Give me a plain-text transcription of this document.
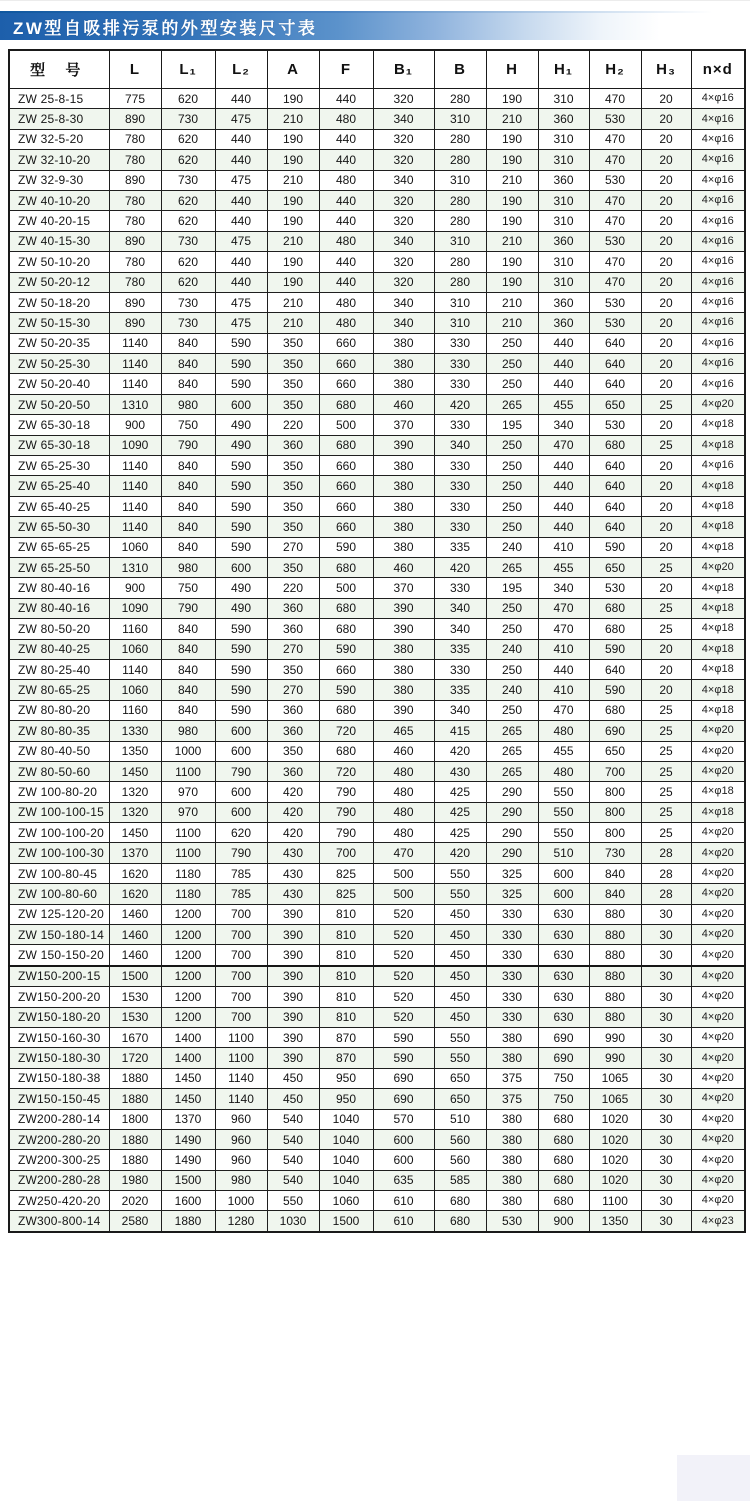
ZW型自吸排污泵的外型安装尺寸表
型 号	L	L₁	L₂	A	F	B₁	B	H	H₁	H₂	H₃	n×d
ZW 25-8-15	775	620	440	190	440	320	280	190	310	470	20	4×φ16
ZW 25-8-30	890	730	475	210	480	340	310	210	360	530	20	4×φ16
ZW 32-5-20	780	620	440	190	440	320	280	190	310	470	20	4×φ16
ZW 32-10-20	780	620	440	190	440	320	280	190	310	470	20	4×φ16
ZW 32-9-30	890	730	475	210	480	340	310	210	360	530	20	4×φ16
ZW 40-10-20	780	620	440	190	440	320	280	190	310	470	20	4×φ16
ZW 40-20-15	780	620	440	190	440	320	280	190	310	470	20	4×φ16
ZW 40-15-30	890	730	475	210	480	340	310	210	360	530	20	4×φ16
ZW 50-10-20	780	620	440	190	440	320	280	190	310	470	20	4×φ16
ZW 50-20-12	780	620	440	190	440	320	280	190	310	470	20	4×φ16
ZW 50-18-20	890	730	475	210	480	340	310	210	360	530	20	4×φ16
ZW 50-15-30	890	730	475	210	480	340	310	210	360	530	20	4×φ16
ZW 50-20-35	1140	840	590	350	660	380	330	250	440	640	20	4×φ16
ZW 50-25-30	1140	840	590	350	660	380	330	250	440	640	20	4×φ16
ZW 50-20-40	1140	840	590	350	660	380	330	250	440	640	20	4×φ16
ZW 50-20-50	1310	980	600	350	680	460	420	265	455	650	25	4×φ20
ZW 65-30-18	900	750	490	220	500	370	330	195	340	530	20	4×φ18
ZW 65-30-18	1090	790	490	360	680	390	340	250	470	680	25	4×φ18
ZW 65-25-30	1140	840	590	350	660	380	330	250	440	640	20	4×φ16
ZW 65-25-40	1140	840	590	350	660	380	330	250	440	640	20	4×φ18
ZW 65-40-25	1140	840	590	350	660	380	330	250	440	640	20	4×φ18
ZW 65-50-30	1140	840	590	350	660	380	330	250	440	640	20	4×φ18
ZW 65-65-25	1060	840	590	270	590	380	335	240	410	590	20	4×φ18
ZW 65-25-50	1310	980	600	350	680	460	420	265	455	650	25	4×φ20
ZW 80-40-16	900	750	490	220	500	370	330	195	340	530	20	4×φ18
ZW 80-40-16	1090	790	490	360	680	390	340	250	470	680	25	4×φ18
ZW 80-50-20	1160	840	590	360	680	390	340	250	470	680	25	4×φ18
ZW 80-40-25	1060	840	590	270	590	380	335	240	410	590	20	4×φ18
ZW 80-25-40	1140	840	590	350	660	380	330	250	440	640	20	4×φ18
ZW 80-65-25	1060	840	590	270	590	380	335	240	410	590	20	4×φ18
ZW 80-80-20	1160	840	590	360	680	390	340	250	470	680	25	4×φ18
ZW 80-80-35	1330	980	600	360	720	465	415	265	480	690	25	4×φ20
ZW 80-40-50	1350	1000	600	350	680	460	420	265	455	650	25	4×φ20
ZW 80-50-60	1450	1100	790	360	720	480	430	265	480	700	25	4×φ20
ZW 100-80-20	1320	970	600	420	790	480	425	290	550	800	25	4×φ18
ZW 100-100-15	1320	970	600	420	790	480	425	290	550	800	25	4×φ18
ZW 100-100-20	1450	1100	620	420	790	480	425	290	550	800	25	4×φ20
ZW 100-100-30	1370	1100	790	430	700	470	420	290	510	730	28	4×φ20
ZW 100-80-45	1620	1180	785	430	825	500	550	325	600	840	28	4×φ20
ZW 100-80-60	1620	1180	785	430	825	500	550	325	600	840	28	4×φ20
ZW 125-120-20	1460	1200	700	390	810	520	450	330	630	880	30	4×φ20
ZW 150-180-14	1460	1200	700	390	810	520	450	330	630	880	30	4×φ20
ZW 150-150-20	1460	1200	700	390	810	520	450	330	630	880	30	4×φ20
ZW150-200-15	1500	1200	700	390	810	520	450	330	630	880	30	4×φ20
ZW150-200-20	1530	1200	700	390	810	520	450	330	630	880	30	4×φ20
ZW150-180-20	1530	1200	700	390	810	520	450	330	630	880	30	4×φ20
ZW150-160-30	1670	1400	1100	390	870	590	550	380	690	990	30	4×φ20
ZW150-180-30	1720	1400	1100	390	870	590	550	380	690	990	30	4×φ20
ZW150-180-38	1880	1450	1140	450	950	690	650	375	750	1065	30	4×φ20
ZW150-150-45	1880	1450	1140	450	950	690	650	375	750	1065	30	4×φ20
ZW200-280-14	1800	1370	960	540	1040	570	510	380	680	1020	30	4×φ20
ZW200-280-20	1880	1490	960	540	1040	600	560	380	680	1020	30	4×φ20
ZW200-300-25	1880	1490	960	540	1040	600	560	380	680	1020	30	4×φ20
ZW200-280-28	1980	1500	980	540	1040	635	585	380	680	1020	30	4×φ20
ZW250-420-20	2020	1600	1000	550	1060	610	680	380	680	1100	30	4×φ20
ZW300-800-14	2580	1880	1280	1030	1500	610	680	530	900	1350	30	4×φ23
